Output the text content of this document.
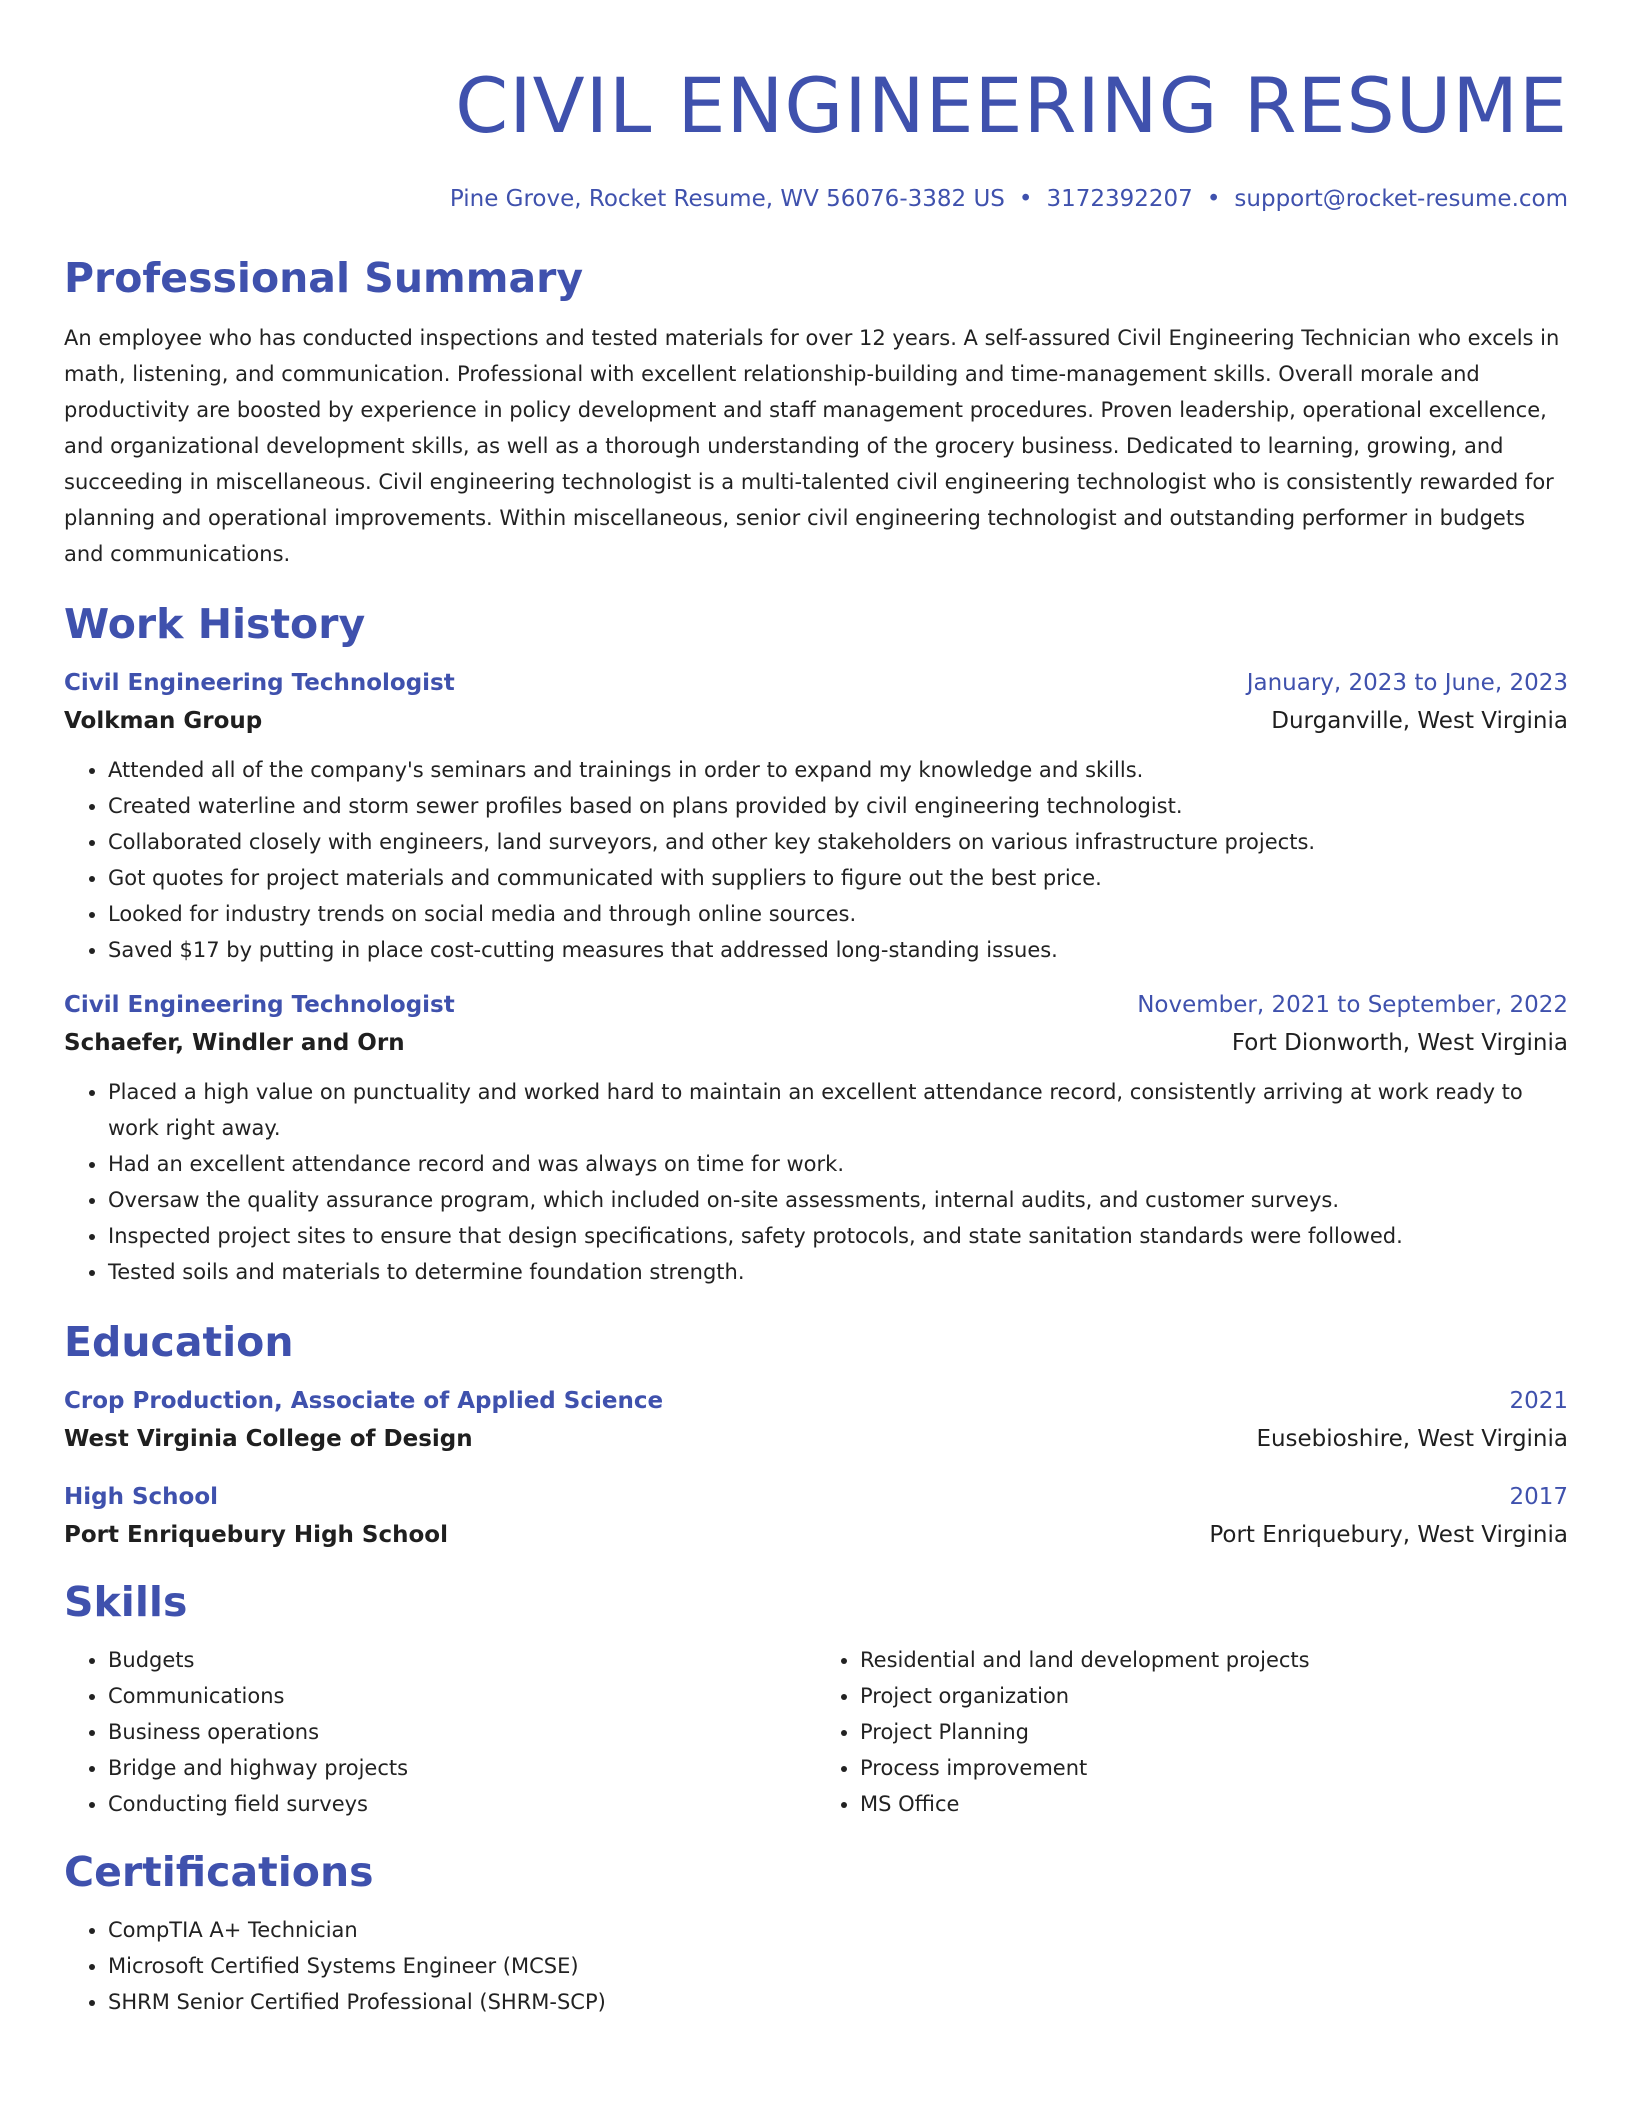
CIVIL ENGINEERING RESUME
Pine Grove, Rocket Resume, WV 56076-3382 US • 3172392207 • support@rocket-resume.com
Professional Summary

An employee who has conducted inspections and tested materials for over 12 years. A self-assured Civil Engineering Technician who excels in math, listening, and communication. Professional with excellent relationship-building and time-management skills. Overall morale and productivity are boosted by experience in policy development and staff management procedures. Proven leadership, operational excellence, and organizational development skills, as well as a thorough understanding of the grocery business. Dedicated to learning, growing, and succeeding in miscellaneous. Civil engineering technologist is a multi-talented civil engineering technologist who is consistently rewarded for planning and operational improvements. Within miscellaneous, senior civil engineering technologist and outstanding performer in budgets and communications.

Work History
Civil Engineering Technologist	January, 2023 to June, 2023
Volkman Group	Durganville, West Virginia
• Attended all of the company's seminars and trainings in order to expand my knowledge and skills.
• Created waterline and storm sewer profiles based on plans provided by civil engineering technologist.
• Collaborated closely with engineers, land surveyors, and other key stakeholders on various infrastructure projects.
• Got quotes for project materials and communicated with suppliers to figure out the best price.
• Looked for industry trends on social media and through online sources.
• Saved $17 by putting in place cost-cutting measures that addressed long-standing issues.
Civil Engineering Technologist	November, 2021 to September, 2022
Schaefer, Windler and Orn	Fort Dionworth, West Virginia
• Placed a high value on punctuality and worked hard to maintain an excellent attendance record, consistently arriving at work ready to work right away.
• Had an excellent attendance record and was always on time for work.
• Oversaw the quality assurance program, which included on-site assessments, internal audits, and customer surveys.
• Inspected project sites to ensure that design specifications, safety protocols, and state sanitation standards were followed.
• Tested soils and materials to determine foundation strength.
Education
Crop Production, Associate of Applied Science	2021
West Virginia College of Design	Eusebioshire, West Virginia
High School	2017
Port Enriquebury High School	Port Enriquebury, West Virginia
Skills
• Budgets
• Communications
• Business operations
• Bridge and highway projects
• Conducting field surveys
• Residential and land development projects
• Project organization
• Project Planning
• Process improvement
• MS Office
Certifications
• CompTIA A+ Technician
• Microsoft Certified Systems Engineer (MCSE)
• SHRM Senior Certified Professional (SHRM-SCP)
